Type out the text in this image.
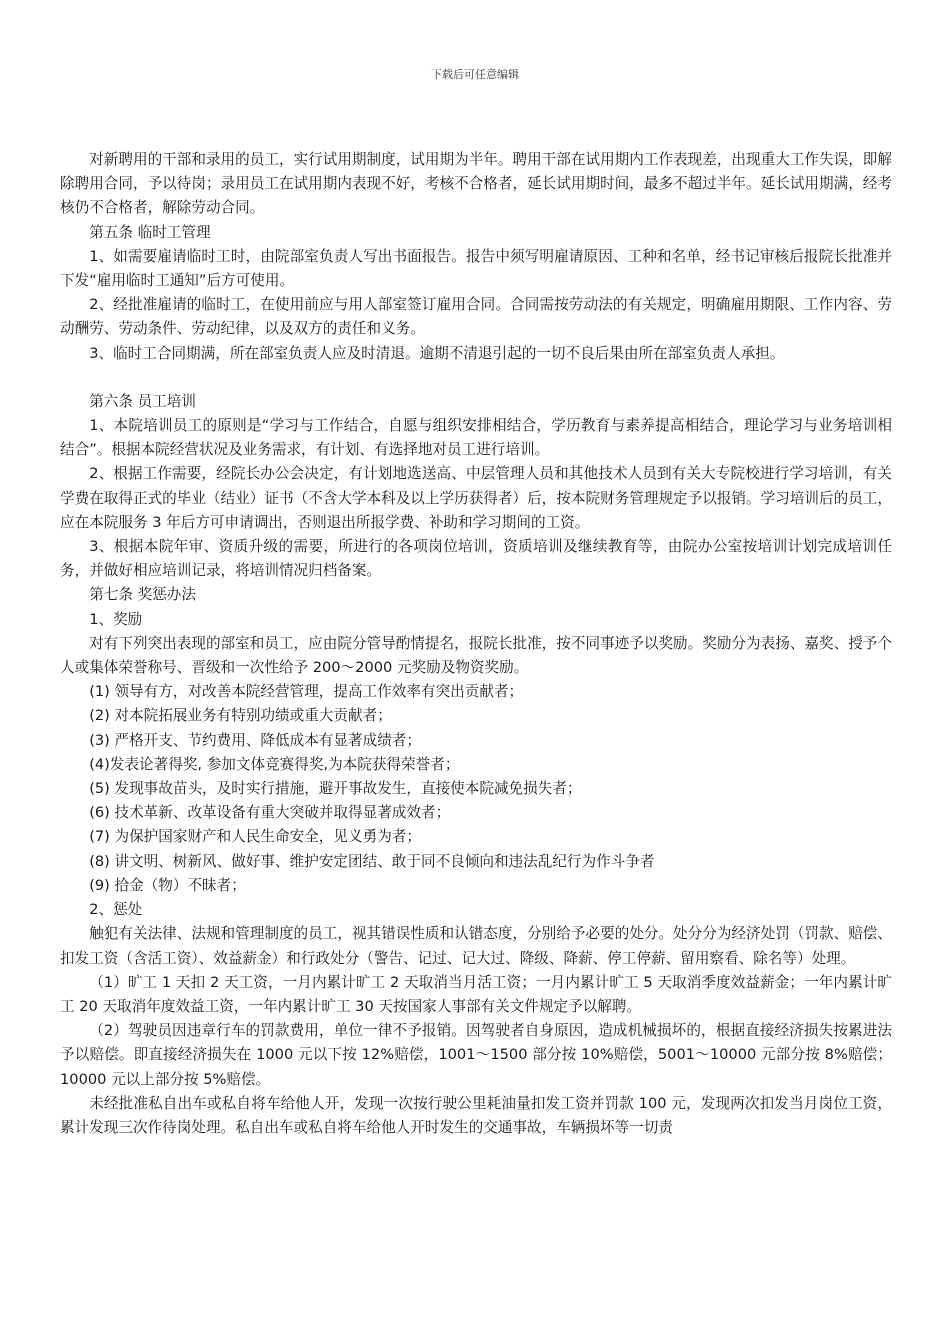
下载后可任意编辑

对新聘用的干部和录用的员工，实行试用期制度，试用期为半年。聘用干部在试用期内工作表现差，出现重大工作失误，即解除聘用合同，予以待岗；录用员工在试用期内表现不好，考核不合格者，延长试用期时间，最多不超过半年。延长试用期满，经考核仍不合格者，解除劳动合同。

第五条 临时工管理

1、如需要雇请临时工时，由院部室负责人写出书面报告。报告中须写明雇请原因、工种和名单，经书记审核后报院长批准并下发“雇用临时工通知”后方可使用。

2、经批准雇请的临时工，在使用前应与用人部室签订雇用合同。合同需按劳动法的有关规定，明确雇用期限、工作内容、劳动酬劳、劳动条件、劳动纪律，以及双方的责任和义务。

3、临时工合同期满，所在部室负责人应及时清退。逾期不清退引起的一切不良后果由所在部室负责人承担。

第六条 员工培训

1、本院培训员工的原则是“学习与工作结合，自愿与组织安排相结合，学历教育与素养提高相结合，理论学习与业务培训相结合”。根据本院经营状况及业务需求，有计划、有选择地对员工进行培训。

2、根据工作需要，经院长办公会决定，有计划地选送高、中层管理人员和其他技术人员到有关大专院校进行学习培训，有关学费在取得正式的毕业（结业）证书（不含大学本科及以上学历获得者）后，按本院财务管理规定予以报销。学习培训后的员工，应在本院服务 3 年后方可申请调出，否则退出所报学费、补助和学习期间的工资。

3、根据本院年审、资质升级的需要，所进行的各项岗位培训，资质培训及继续教育等，由院办公室按培训计划完成培训任务，并做好相应培训记录，将培训情况归档备案。

第七条 奖惩办法

1、奖励

对有下列突出表现的部室和员工，应由院分管导酌情提名，报院长批准，按不同事迹予以奖励。奖励分为表扬、嘉奖、授予个人或集体荣誉称号、晋级和一次性给予 200～2000 元奖励及物资奖励。

(1) 领导有方，对改善本院经营管理，提高工作效率有突出贡献者；

(2) 对本院拓展业务有特别功绩或重大贡献者；

(3) 严格开支、节约费用、降低成本有显著成绩者；

(4)发表论著得奖, 参加文体竞赛得奖,为本院获得荣誉者；

(5) 发现事故苗头，及时实行措施，避开事故发生，直接使本院减免损失者；

(6) 技术革新、改革设备有重大突破并取得显著成效者；

(7) 为保护国家财产和人民生命安全，见义勇为者；

(8) 讲文明、树新风、做好事、维护安定团结、敢于同不良倾向和违法乱纪行为作斗争者

(9) 拾金（物）不昧者；

2、惩处

触犯有关法律、法规和管理制度的员工，视其错误性质和认错态度，分别给予必要的处分。处分分为经济处罚（罚款、赔偿、扣发工资（含活工资）、效益薪金）和行政处分（警告、记过、记大过、降级、降薪、停工停薪、留用察看、除名等）处理。

（1）旷工 1 天扣 2 天工资，一月内累计旷工 2 天取消当月活工资；一月内累计旷工 5 天取消季度效益薪金；一年内累计旷工 20 天取消年度效益工资，一年内累计旷工 30 天按国家人事部有关文件规定予以解聘。

（2）驾驶员因违章行车的罚款费用，单位一律不予报销。因驾驶者自身原因，造成机械损坏的，根据直接经济损失按累进法予以赔偿。即直接经济损失在 1000 元以下按 12%赔偿，1001～1500 部分按 10%赔偿，5001～10000 元部分按 8%赔偿；10000 元以上部分按 5%赔偿。

未经批准私自出车或私自将车给他人开，发现一次按行驶公里耗油量扣发工资并罚款 100 元，发现两次扣发当月岗位工资，累计发现三次作待岗处理。私自出车或私自将车给他人开时发生的交通事故，车辆损坏等一切责
